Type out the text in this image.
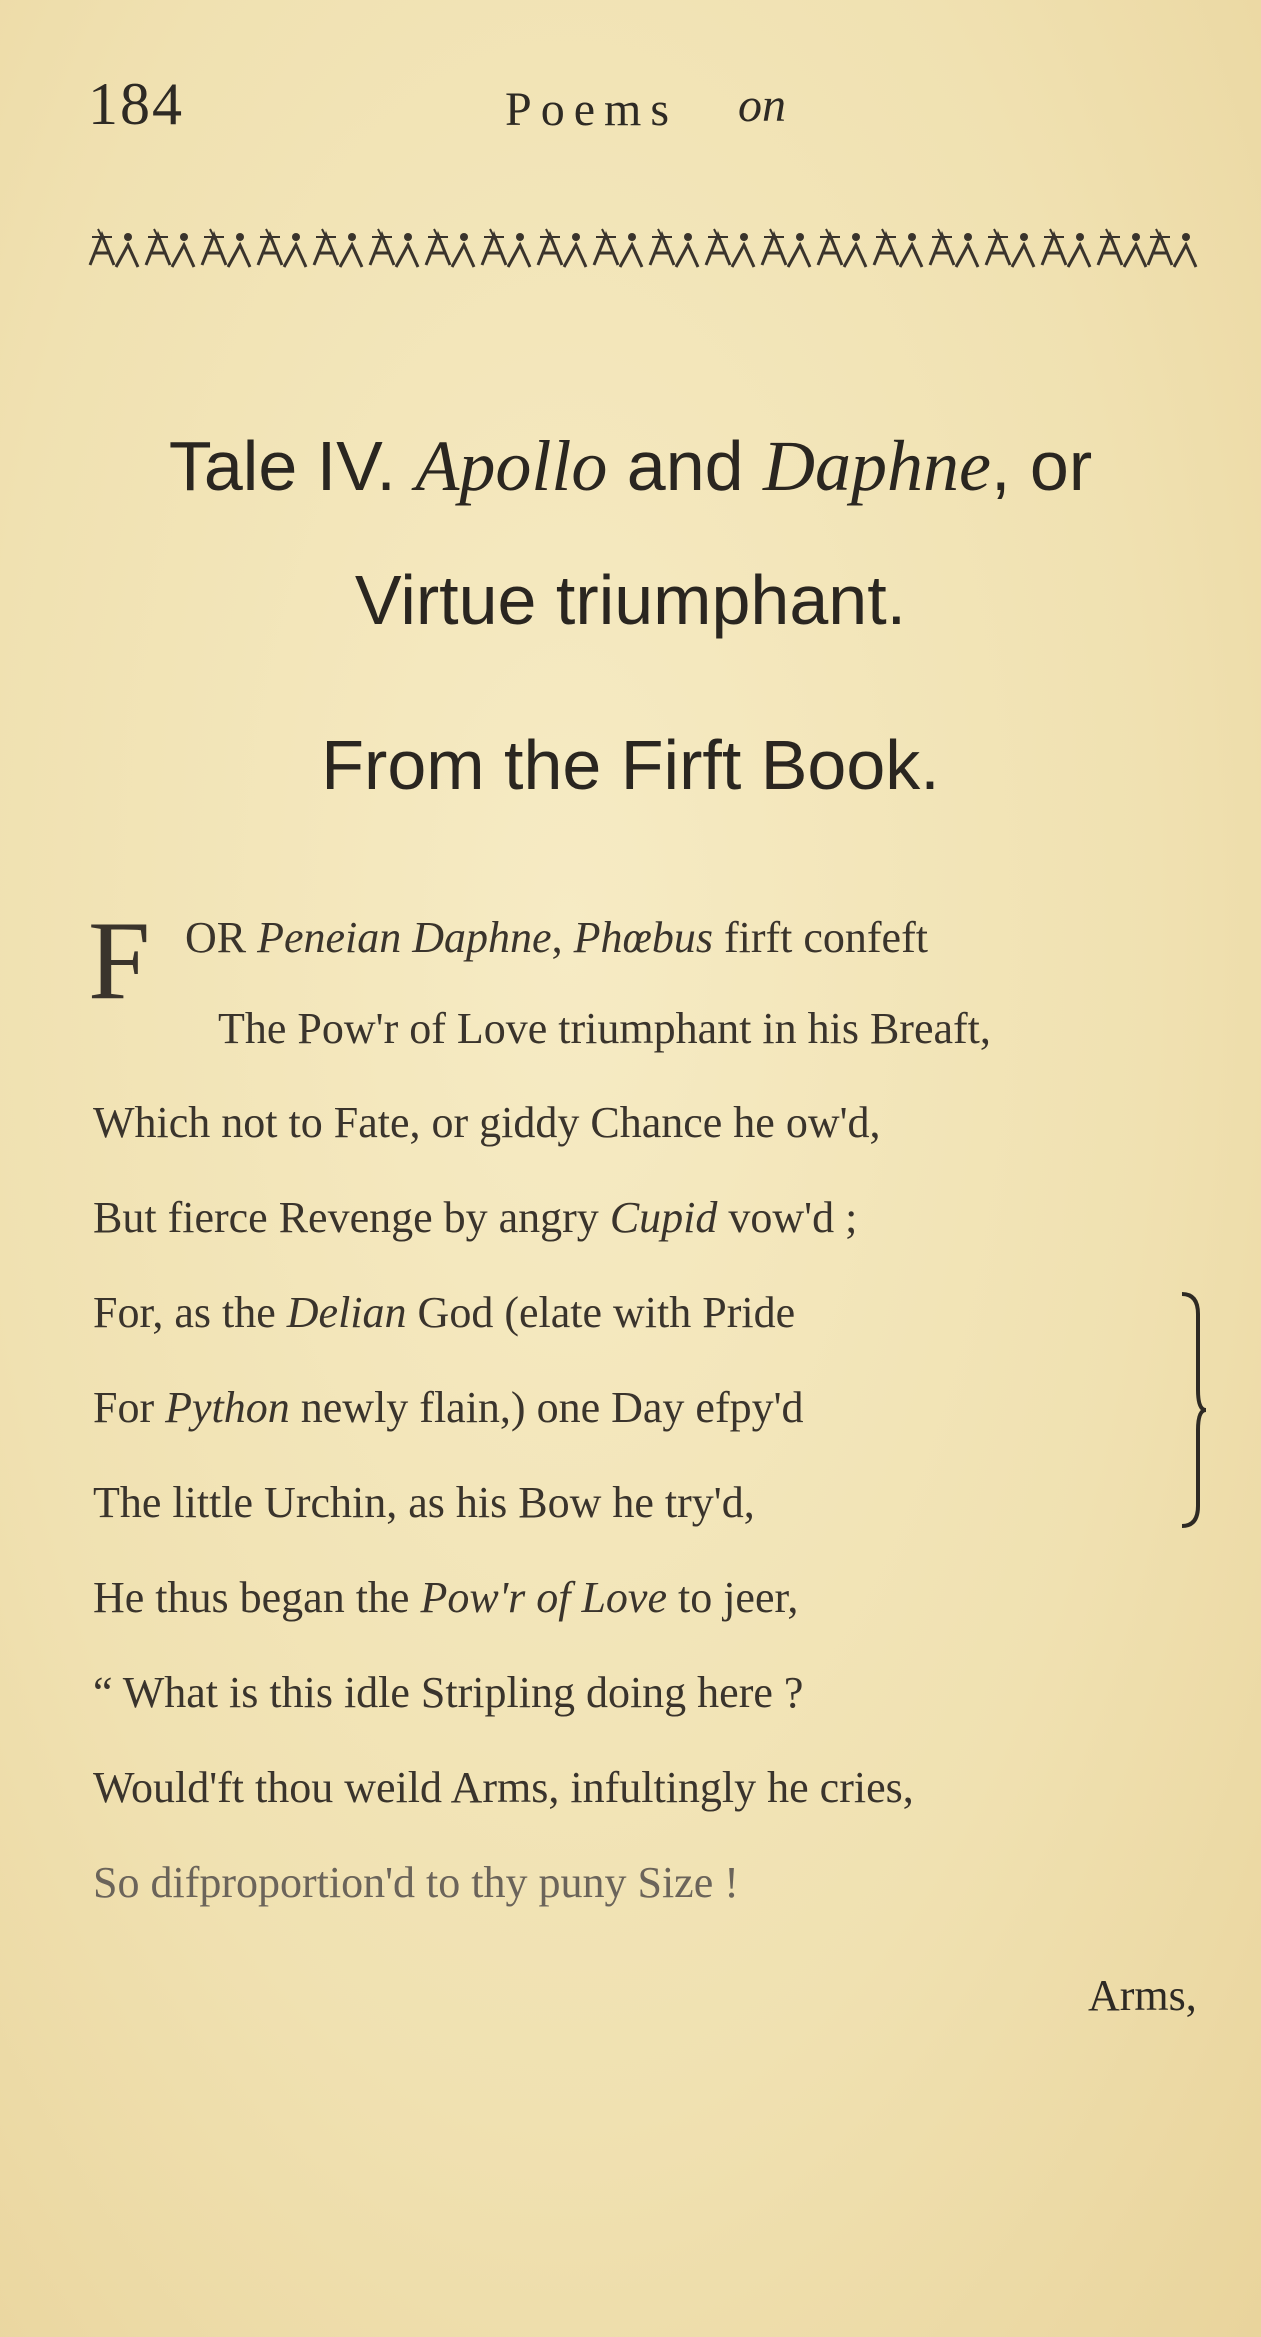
184	Poems on
Tale IV. Apollo and Daphne, or
Virtue triumphant.
From the Firft Book.
F OR Peneian Daphne, Phœbus firft confeft
The Pow'r of Love triumphant in his Breaft,
Which not to Fate, or giddy Chance he ow'd,
But fierce Revenge by angry Cupid vow'd ;
For, as the Delian God (elate with Pride
For Python newly flain,) one Day efpy'd
The little Urchin, as his Bow he try'd,
He thus began the Pow'r of Love to jeer,
“ What is this idle Stripling doing here ?
Would'ft thou weild Arms, infultingly he cries,
So difproportion'd to thy puny Size !
Arms,
